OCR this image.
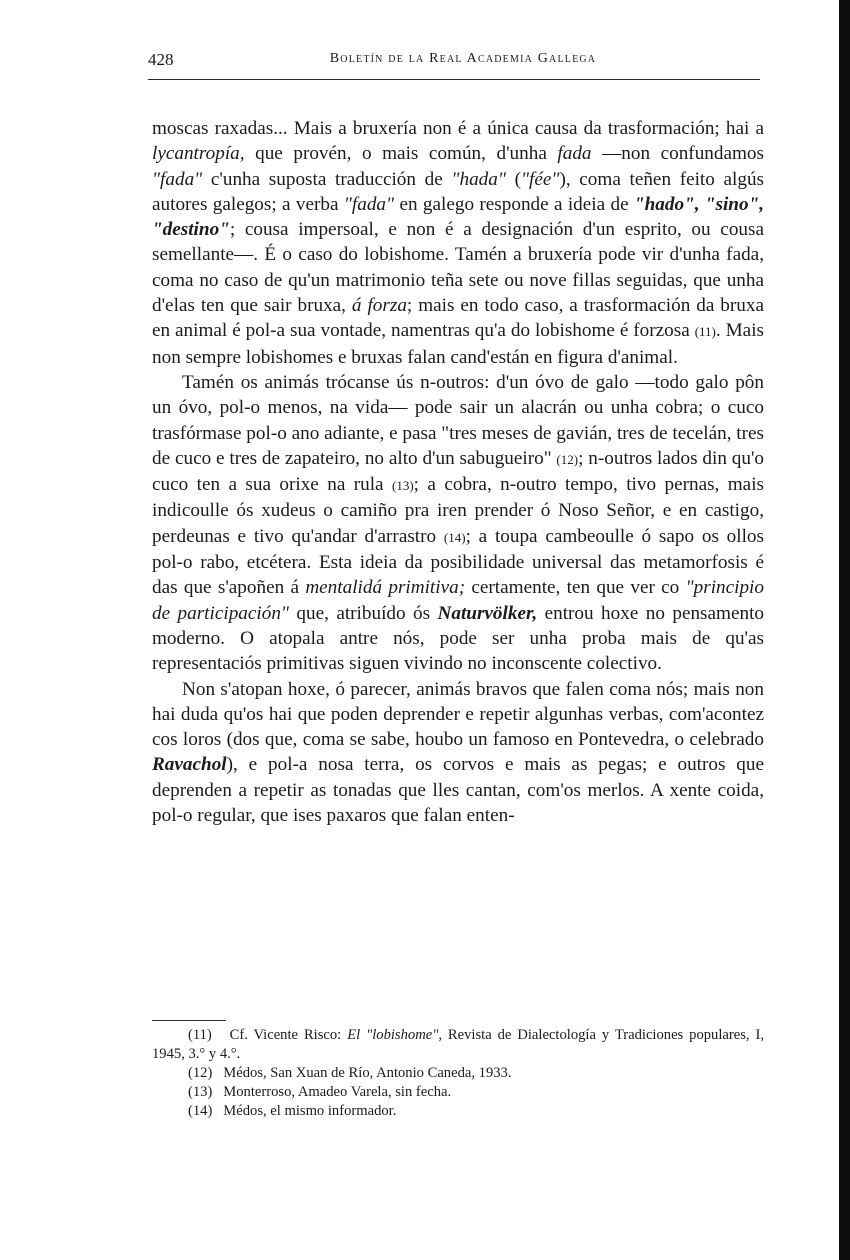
428	Boletín de la Real Academia Gallega

moscas raxadas... Mais a bruxería non é a única causa da trasformación; hai a lycantropía, que provén, o mais común, d'unha fada —non confundamos "fada" c'unha suposta traducción de "hada" ("fée"), coma teñen feito algús autores galegos; a verba "fada" en galego responde a ideia de "hado", "sino", "destino"; cousa impersoal, e non é a designación d'un esprito, ou cousa semellante—. É o caso do lobishome. Tamén a bruxería pode vir d'unha fada, coma no caso de qu'un matrimonio teña sete ou nove fillas seguidas, que unha d'elas ten que sair bruxa, á forza; mais en todo caso, a trasformación da bruxa en animal é pol-a sua vontade, namentras qu'a do lobishome é forzosa (11). Mais non sempre lobishomes e bruxas falan cand'están en figura d'animal.

Tamén os animás trócanse ús n-outros: d'un óvo de galo —todo galo pôn un óvo, pol-o menos, na vida— pode sair un alacrán ou unha cobra; o cuco trasfórmase pol-o ano adiante, e pasa "tres meses de gavián, tres de tecelán, tres de cuco e tres de zapateiro, no alto d'un sabugueiro" (12); n-outros lados din qu'o cuco ten a sua orixe na rula (13); a cobra, n-outro tempo, tivo pernas, mais indicoulle ós xudeus o camiño pra iren prender ó Noso Señor, e en castigo, perdeunas e tivo qu'andar d'arrastro (14); a toupa cambeoulle ó sapo os ollos pol-o rabo, etcétera. Esta ideia da posibilidade universal das metamorfosis é das que s'apoñen á mentalidá primitiva; certamente, ten que ver co "principio de participación" que, atribuído ós Naturvölker, entrou hoxe no pensamento moderno. O atopala antre nós, pode ser unha proba mais de qu'as representaciós primitivas siguen vivindo no inconscente colectivo.

Non s'atopan hoxe, ó parecer, animás bravos que falen coma nós; mais non hai duda qu'os hai que poden deprender e repetir algunhas verbas, com'acontez cos loros (dos que, coma se sabe, houbo un famoso en Pontevedra, o celebrado Ravachol), e pol-a nosa terra, os corvos e mais as pegas; e outros que deprenden a repetir as tonadas que lles cantan, com'os merlos. A xente coida, pol-o regular, que ises paxaros que falan enten-

(11) Cf. Vicente Risco: El "lobishome", Revista de Dialectología y Tradiciones populares, I, 1945, 3.° y 4.°.

(12) Médos, San Xuan de Río, Antonio Caneda, 1933.

(13) Monterroso, Amadeo Varela, sin fecha.

(14) Médos, el mismo informador.
